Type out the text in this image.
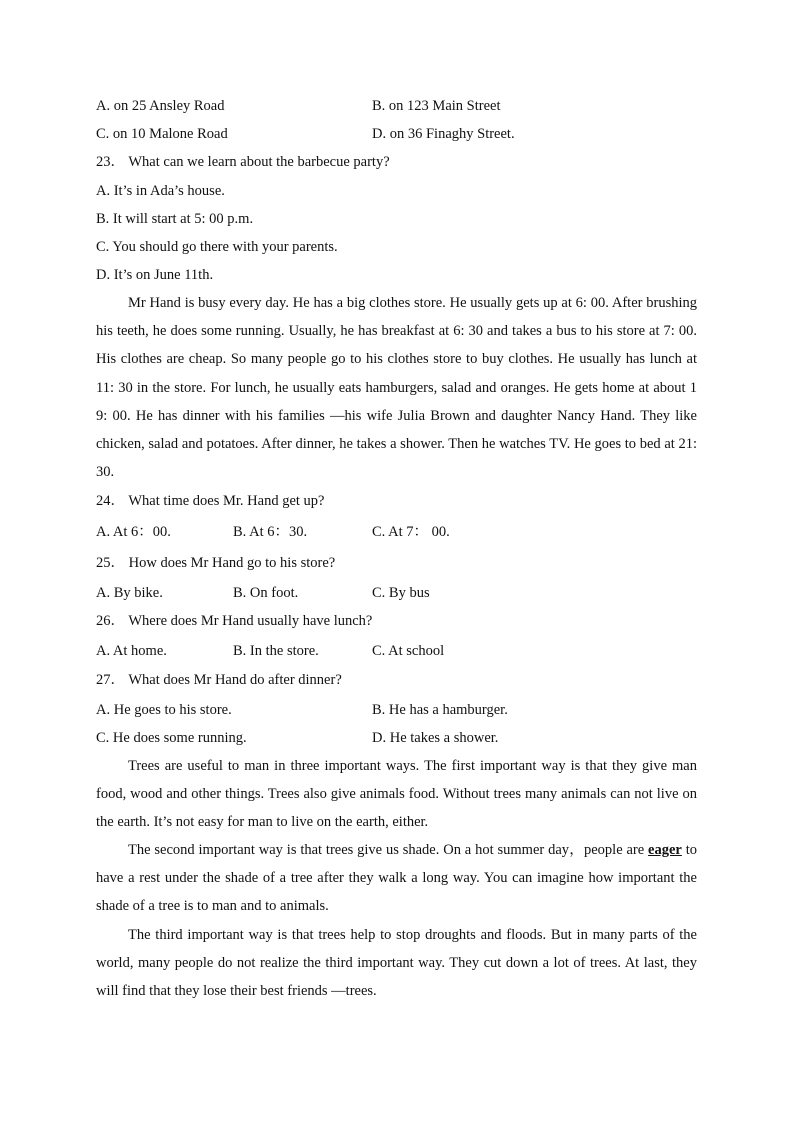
A. on 25 Ansley Road	B. on 123 Main Street
C. on 10 Malone Road	D. on 36 Finaghy Street.
23． What can we learn about the barbecue party?
A. It’s in Ada’s house.
B. It will start at 5: 00 p.m.
C. You should go there with your parents.
D. It’s on June 11th.
Mr Hand is busy every day. He has a big clothes store. He usually gets up at 6: 00. After brushing his teeth, he does some running. Usually, he has breakfast at 6: 30 and takes a bus to his store at 7: 00. His clothes are cheap. So many people go to his clothes store to buy clothes. He usually has lunch at 11: 30 in the store. For lunch, he usually eats hamburgers, salad and oranges. He gets home at about 1 9: 00. He has dinner with his families —his wife Julia Brown and daughter Nancy Hand. They like chicken, salad and potatoes. After dinner, he takes a shower. Then he watches TV. He goes to bed at 21: 30.
24． What time does Mr. Hand get up?
A. At 6：00.	B. At 6：30.	C. At 7： 00.
25． How does Mr Hand go to his store?
A. By bike.	B. On foot.	C. By bus
26． Where does Mr Hand usually have lunch?
A. At home.	B. In the store.	C. At school
27． What does Mr Hand do after dinner?
A. He goes to his store.	B. He has a hamburger.
C. He does some running.	D. He takes a shower.
Trees are useful to man in three important ways. The first important way is that they give man food, wood and other things. Trees also give animals food. Without trees many animals can not live on the earth. It’s not easy for man to live on the earth, either.
The second important way is that trees give us shade. On a hot summer day，people are eager to have a rest under the shade of a tree after they walk a long way. You can imagine how important the shade of a tree is to man and to animals.
The third important way is that trees help to stop droughts and floods. But in many parts of the world, many people do not realize the third important way. They cut down a lot of trees. At last, they will find that they lose their best friends —trees.
